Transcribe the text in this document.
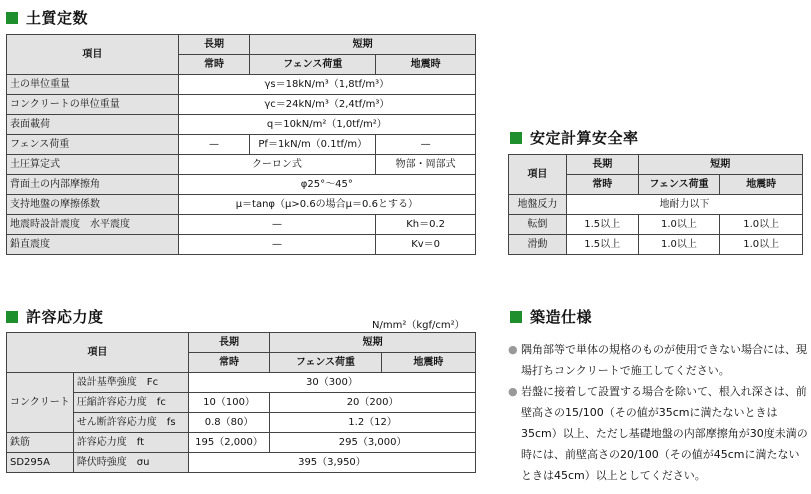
土質定数
項目	長期	短期	
	常時	フェンス荷重	地震時
土の単位重量	γs＝18kN/m³（1,8tf/m³）		
コンクリートの単位重量	γc＝24kN/m³（2,4tf/m³）		
表面載荷	q＝10kN/m²（1,0tf/m²）		
フェンス荷重	—	Pf＝1kN/m（0.1tf/m）	—
土圧算定式	クーロン式		物部・岡部式
背面土の内部摩擦角	φ25°〜45°		
支持地盤の摩擦係数	μ＝tanφ（μ>0.6の場合μ＝0.6とする）		
地震時設計震度　水平震度	—		Kh＝0.2
鉛直震度	—		Kv＝0
安定計算安全率
項目	長期	短期	
	常時	フェンス荷重	地震時
地盤反力	地耐力以下		
転倒	1.5以上	1.0以上	1.0以上
滑動	1.5以上	1.0以上	1.0以上
許容応力度	N/mm²（kgf/cm²）
項目		長期	短期	
		常時	フェンス荷重	地震時
コンクリート	設計基準強度　Fc	30（300）		
	圧縮許容応力度　fc	10（100）	20（200）	
	せん断許容応力度　fs	0.8（80）	1.2（12）	
鉄筋	許容応力度　ft	195（2,000）	295（3,000）	
SD295A	降伏時強度　σu	395（3,950）		
築造仕様
● 隅角部等で単体の規格のものが使用できない場合には、現場打ちコンクリートで施工してください。
● 岩盤に接着して設置する場合を除いて、根入れ深さは、前壁高さの15/100（その値が35cmに満たないときは35cm）以上、ただし基礎地盤の内部摩擦角が30度未満の時には、前壁高さの20/100（その値が45cmに満たないときは45cm）以上としてください。
